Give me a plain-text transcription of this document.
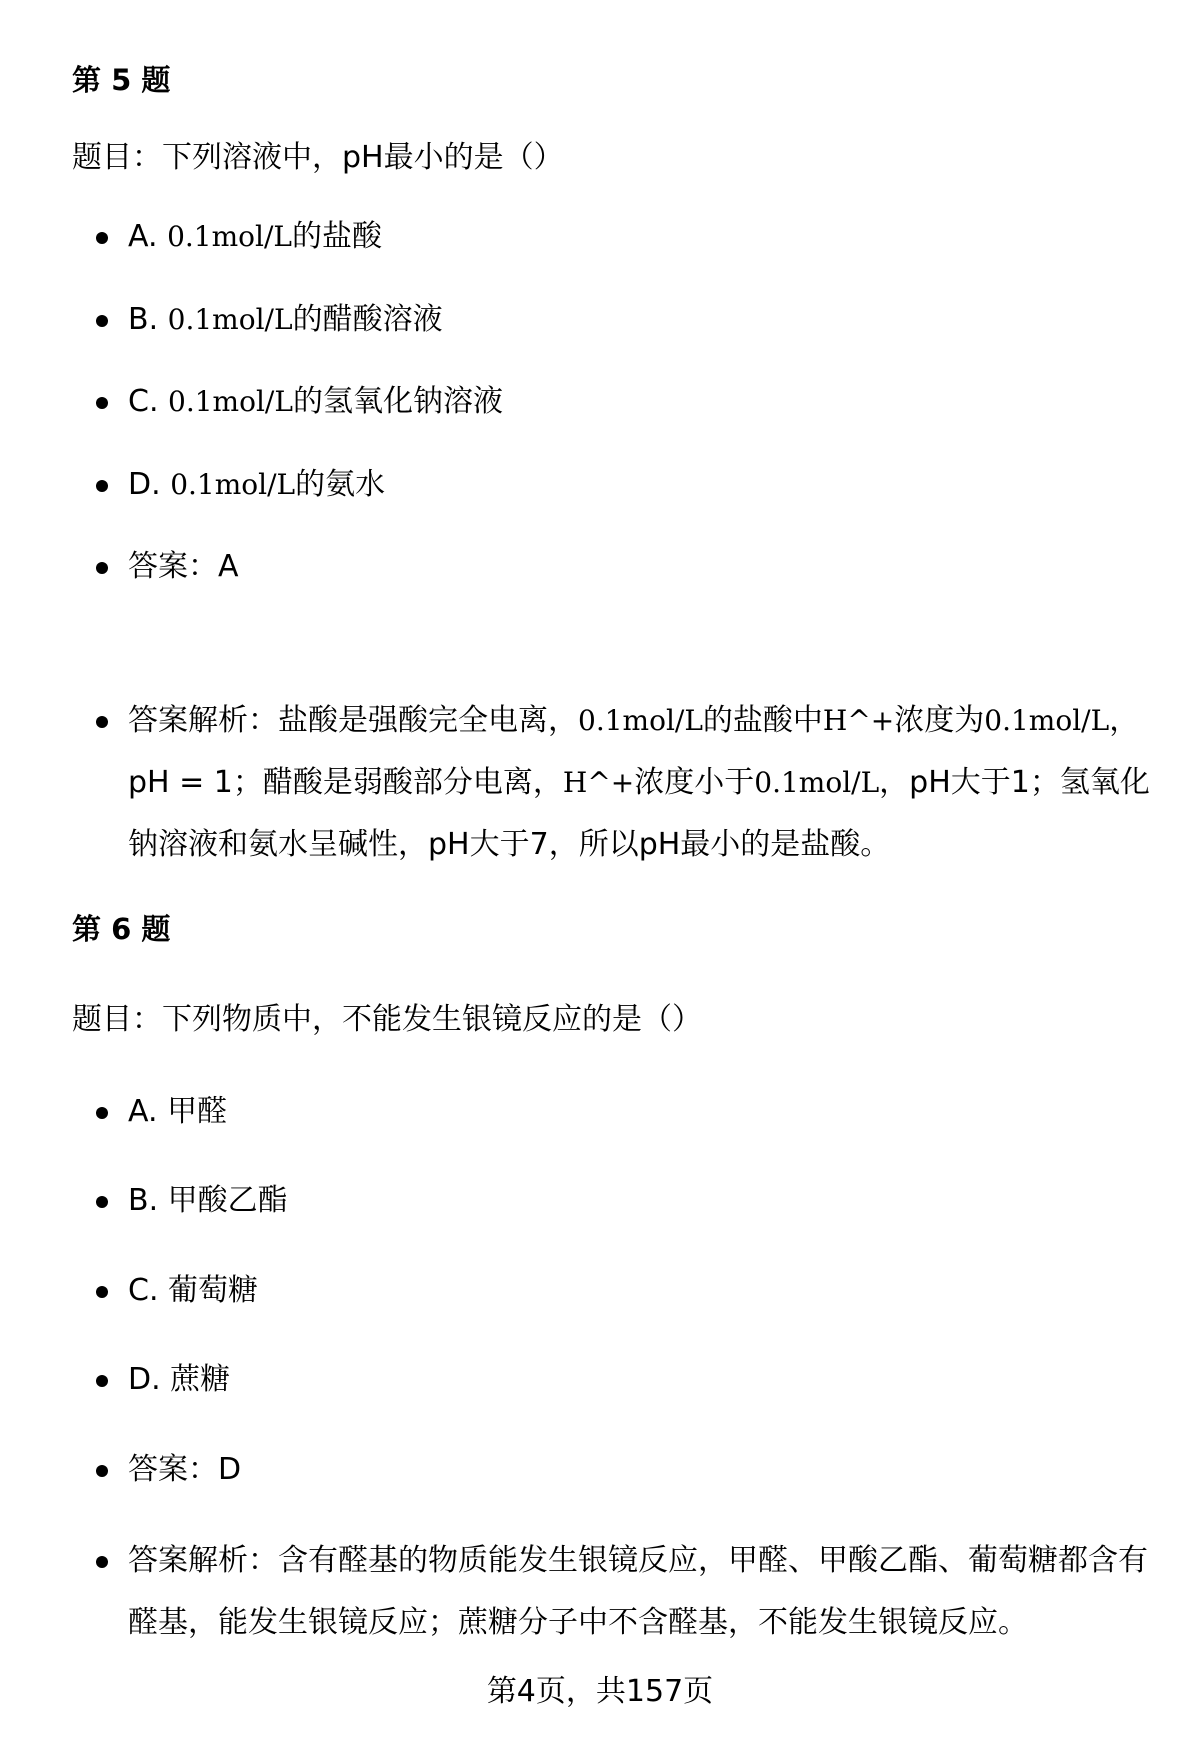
第 5 题

题目：下列溶液中，pH最小的是（）

A. 0.1mol/L的盐酸
B. 0.1mol/L的醋酸溶液
C. 0.1mol/L的氢氧化钠溶液
D. 0.1mol/L的氨水
答案：A
答案解析：盐酸是强酸完全电离，0.1mol/L的盐酸中H^+浓度为0.1mol/L，pH = 1；醋酸是弱酸部分电离，H^+浓度小于0.1mol/L，pH大于1；氢氧化钠溶液和氨水呈碱性，pH大于7，所以pH最小的是盐酸。
第 6 题

题目：下列物质中，不能发生银镜反应的是（）

A. 甲醛
B. 甲酸乙酯
C. 葡萄糖
D. 蔗糖
答案：D
答案解析：含有醛基的物质能发生银镜反应，甲醛、甲酸乙酯、葡萄糖都含有醛基，能发生银镜反应；蔗糖分子中不含醛基，不能发生银镜反应。
第4页，共157页
